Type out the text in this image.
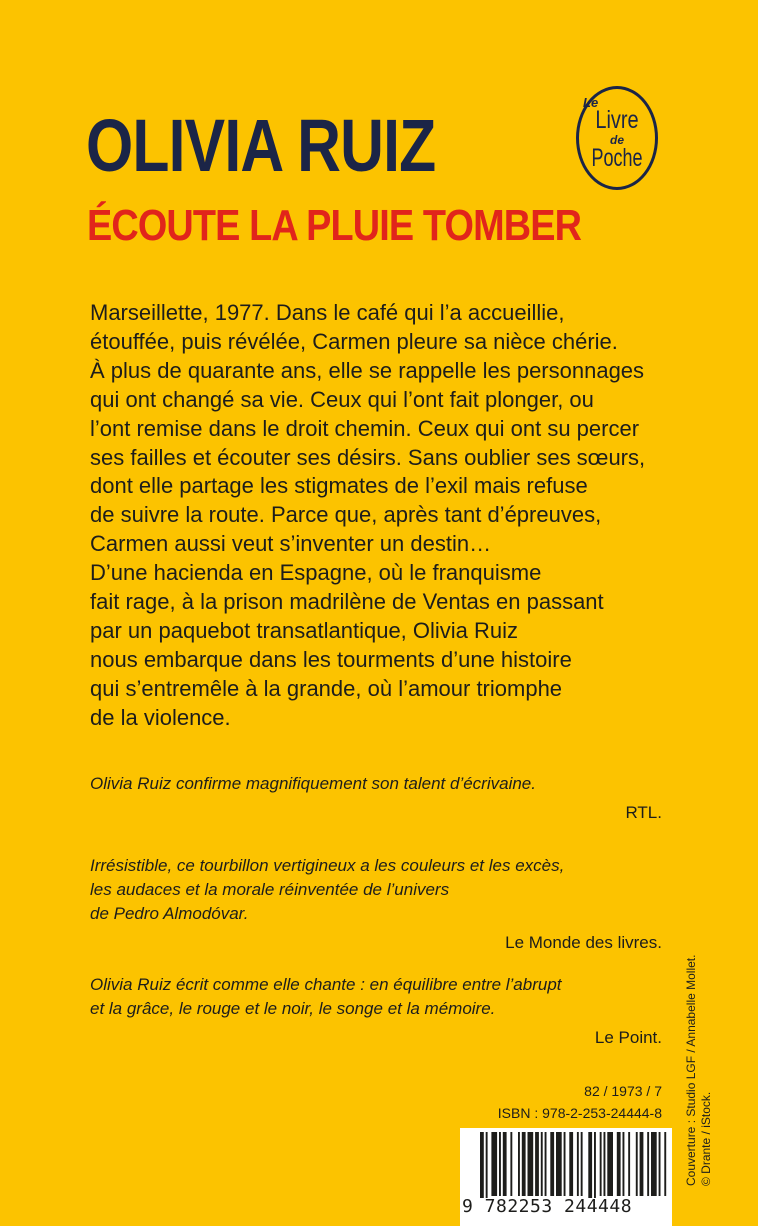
OLIVIA RUIZ
ÉCOUTE LA PLUIE TOMBER
Le
Livre
de
Poche
Marseillette, 1977. Dans le café qui l’a accueillie,
étouffée, puis révélée, Carmen pleure sa nièce chérie.
À plus de quarante ans, elle se rappelle les personnages
qui ont changé sa vie. Ceux qui l’ont fait plonger, ou
l’ont remise dans le droit chemin. Ceux qui ont su percer
ses failles et écouter ses désirs. Sans oublier ses sœurs,
dont elle partage les stigmates de l’exil mais refuse
de suivre la route. Parce que, après tant d’épreuves,
Carmen aussi veut s’inventer un destin…
D’une hacienda en Espagne, où le franquisme
fait rage, à la prison madrilène de Ventas en passant
par un paquebot transatlantique, Olivia Ruiz
nous embarque dans les tourments d’une histoire
qui s’entremêle à la grande, où l’amour triomphe
de la violence.
Olivia Ruiz confirme magnifiquement son talent d’écrivaine.
RTL.
Irrésistible, ce tourbillon vertigineux a les couleurs et les excès,
les audaces et la morale réinventée de l’univers
de Pedro Almodóvar.
Le Monde des livres.
Olivia Ruiz écrit comme elle chante : en équilibre entre l’abrupt
et la grâce, le rouge et le noir, le songe et la mémoire.
Le Point.
82 / 1973 / 7
ISBN : 978-2-253-24444-8
9 782253 244448
Couverture : Studio LGF / Annabelle Mollet. © Drante / iStock.
